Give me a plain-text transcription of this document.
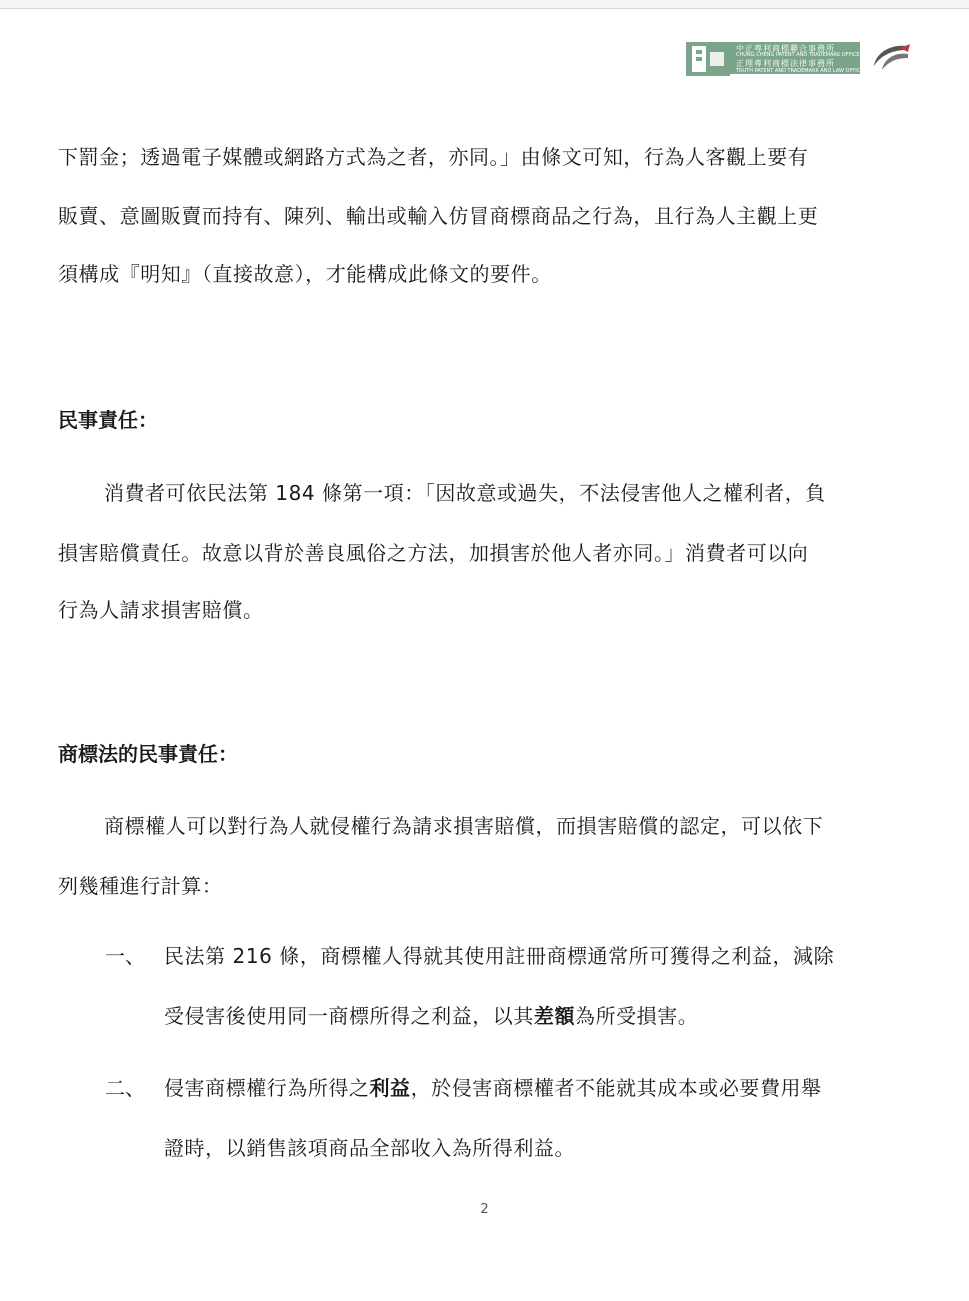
中正專利商標聯合事務所
CHUNG-CHENG PATENT AND TRADEMARK OFFICE
正理專利商標法律事務所
TRUTH PATENT AND TRADEMARK AND LAW OFFICE
下罰金；透過電子媒體或網路方式為之者，亦同。」由條文可知，行為人客觀上要有
販賣、意圖販賣而持有、陳列、輸出或輸入仿冒商標商品之行為，且行為人主觀上更
須構成『明知』（直接故意），才能構成此條文的要件。
民事責任：
消費者可依民法第 184 條第一項：「因故意或過失，不法侵害他人之權利者，負
損害賠償責任。故意以背於善良風俗之方法，加損害於他人者亦同。」消費者可以向
行為人請求損害賠償。
商標法的民事責任：
商標權人可以對行為人就侵權行為請求損害賠償，而損害賠償的認定，可以依下
列幾種進行計算：
一、 民法第 216 條，商標權人得就其使用註冊商標通常所可獲得之利益，減除
受侵害後使用同一商標所得之利益，以其差額為所受損害。
二、 侵害商標權行為所得之利益，於侵害商標權者不能就其成本或必要費用舉
證時，以銷售該項商品全部收入為所得利益。
2
